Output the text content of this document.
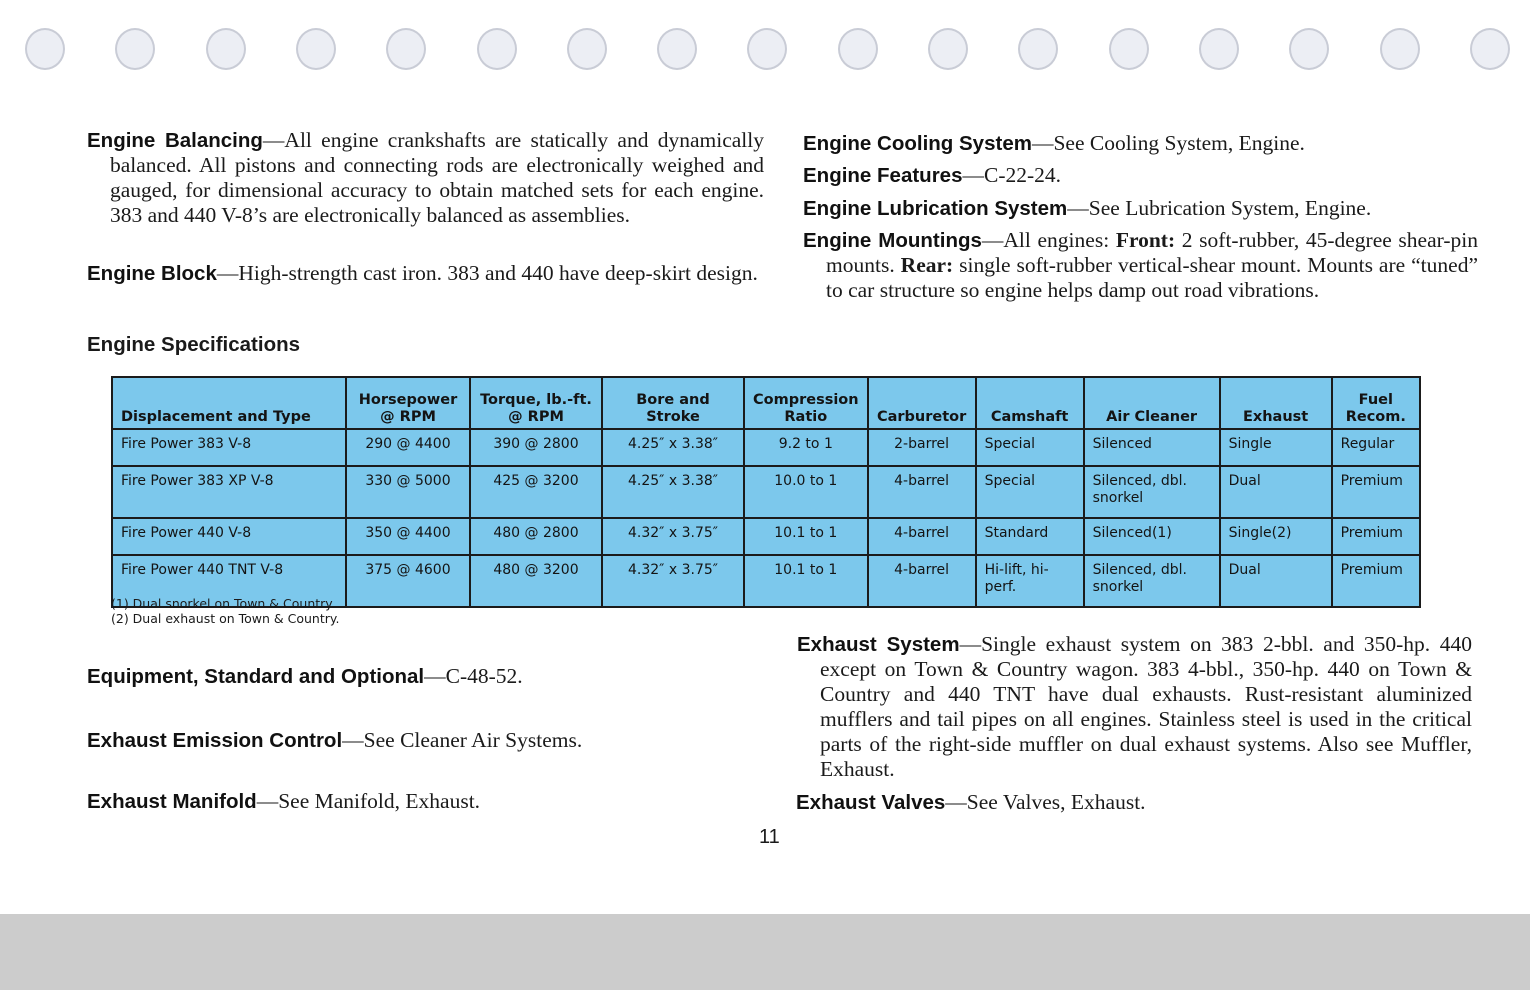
Engine Balancing—All engine crankshafts are statically and dynamically balanced. All pistons and connecting rods are electronically weighed and gauged, for dimensional accuracy to obtain matched sets for each engine. 383 and 440 V-8’s are electronically balanced as assemblies.
Engine Block—High-strength cast iron. 383 and 440 have deep-skirt design.
Engine Specifications
Engine Cooling System—See Cooling System, Engine.
Engine Features—C-22-24.
Engine Lubrication System—See Lubrication System, Engine.
Engine Mountings—All engines: Front: 2 soft-rubber, 45-degree shear-pin mounts. Rear: single soft-rubber vertical-shear mount. Mounts are “tuned” to car structure so engine helps damp out road vibrations.
Displacement and Type	Horsepower @ RPM	Torque, lb.-ft. @ RPM	Bore and Stroke	Compression Ratio	Carburetor	Camshaft	Air Cleaner	Exhaust	Fuel Recom.
Fire Power 383 V-8	290 @ 4400	390 @ 2800	4.25″ x 3.38″	9.2 to 1	2-barrel	Special	Silenced	Single	Regular
Fire Power 383 XP V-8	330 @ 5000	425 @ 3200	4.25″ x 3.38″	10.0 to 1	4-barrel	Special	Silenced, dbl. snorkel	Dual	Premium
Fire Power 440 V-8	350 @ 4400	480 @ 2800	4.32″ x 3.75″	10.1 to 1	4-barrel	Standard	Silenced(1)	Single(2)	Premium
Fire Power 440 TNT V-8	375 @ 4600	480 @ 3200	4.32″ x 3.75″	10.1 to 1	4-barrel	Hi-lift, hi-perf.	Silenced, dbl. snorkel	Dual	Premium
(1) Dual snorkel on Town & Country.
(2) Dual exhaust on Town & Country.
Equipment, Standard and Optional—C-48-52.
Exhaust Emission Control—See Cleaner Air Systems.
Exhaust Manifold—See Manifold, Exhaust.
Exhaust System—Single exhaust system on 383 2-bbl. and 350-hp. 440 except on Town & Country wagon. 383 4-bbl., 350-hp. 440 on Town & Country and 440 TNT have dual exhausts. Rust-resistant aluminized mufflers and tail pipes on all engines. Stainless steel is used in the critical parts of the right-side muffler on dual exhaust systems. Also see Muffler, Exhaust.
Exhaust Valves—See Valves, Exhaust.
11
